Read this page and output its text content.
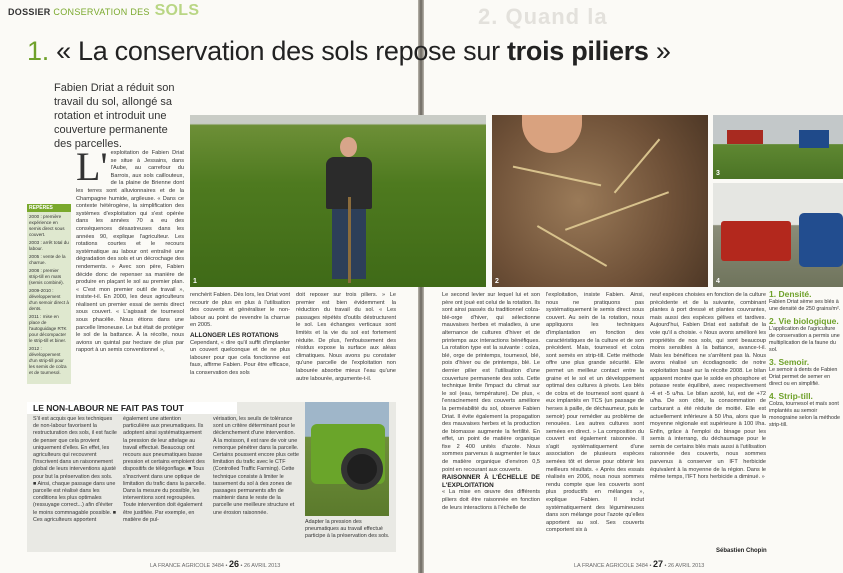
DOSSIER CONSERVATION DES SOLS
Fabien Driat a réduit son travail du sol, allongé sa rotation et introduit une couverture permanente des parcelles.
REPÈRES

2000 : première expérience en semis direct sous couvert.

2003 : arrêt total du labour.

2005 : vente de la charrue.

2008 : premier strip-till en maïs (semis combiné).

2009-2010 : développement d'un semoir direct à dents.

2011 : mise en place de l'autoguidage RTK pour décompacter le strip-till et biner.

2012 : développement d'un strip-till pour les semis de colza et de tournesol.

L' exploitation de Fabien Driat se situe à Jessains, dans l'Aube, au carrefour du Barrois, aux sols caillouteux, de la plaine de Brienne dont les terres sont alluvionnaires et de la Champagne humide, argileuse. « Dans ce contexte hétérogène, la simplification des systèmes d'exploitation qui s'est opérée dans les années 70 a eu des conséquences désastreuses dans les années 90, explique l'agriculteur. Les rotations courtes et le recours systématique au labour ont entraîné une dégradation des sols et un décrochage des rendements. » Avec son père, Fabien décide donc de repenser sa manière de produire en plaçant le sol au premier plan. « C'est mon premier outil de travail », insiste-t-il. En 2000, les deux agriculteurs réalisent un premier essai de semis direct sous couvert. « L'agissait de tournesol sous phacélie. Nous étions dans une parcelle limoneuse. Le but était de protéger le sol de la battance. À la récolte, nous avions un quintal par hectare de plus par rapport à un semis conventionnel »,

renchérit Fabien. Dès lors, les Driat vont recourir de plus en plus à l'utilisation des couverts et généraliser le non-labour au point de revendre la charrue en 2005.

ALLONGER LES ROTATIONS

Cependant, « dire qu'il suffit d'implanter un couvert quelconque et de ne plus labourer pour que cela fonctionne est faux, affirme Fabien. Pour être efficace, la conservation des sols

doit reposer sur trois piliers. » Le premier est bien évidemment la réduction du travail du sol. « Les passages répétés d'outils déstructurent le sol. Les échanges verticaux sont limités et la vie du sol est fortement réduite. De plus, l'enfouissement des résidus expose la surface aux aléas climatiques. Nous avons pu constater qu'une parcelle de l'exploitation non labourée absorbe mieux l'eau qu'une autre labourée, argumente-t-il.

LE NON-LABOUR NE FAIT PAS TOUT
S'il est acquis que les techniques de non-labour favorisent la restructuration des sols, il est facile de penser que cela provient uniquement d'elles. En effet, les agriculteurs qui recouvrent l'inscrivent dans un raisonnement global de leurs interventions ajusté pour but la préservation des sols. ■ Ainsi, chaque passage dans une parcelle est réalisé dans les conditions les plus optimales (ressuyage correct...) afin d'éviter le moins commnagable possible. ■ Ces agriculteurs apportent
également une attention particulière aux pneumatiques. Ils adoptent ainsi systématiquement la pression de leur attelage au travail effectué. Beaucoup ont recours aux pneumatiques basse pression et certains emploient des dispositifs de télégonflage. ■ Tous s'inscrivent dans une optique de limitation du trafic dans la parcelle. Dans la mesure du possible, les interventions sont regroupées. Toute intervention doit également être justifiée. Par exemple, en matière de pul-
vérisation, les seuils de tolérance sont un critère déterminant pour le déclenchement d'une intervention. À la moisson, il est rare de voir une remorque pénétrer dans la parcelle. Certains poussent encore plus cette limitation du trafic avec le CTF (Controlled Traffic Farming). Cette technique consiste à limiter le tassement du sol à des zones de passages permanents afin de maintenir dans le reste de la parcelle une meilleure structure et une érosion raisonnée.
Adapter la pression des pneumatiques au travail effectué participe à la préservation des sols.
LA FRANCE AGRICOLE 3484 • 26 • 26 AVRIL 2013

Le second levier sur lequel lui et son père ont joué est celui de la rotation. Ils sont ainsi passés du traditionnel colza-blé-orge d'hiver, qui sélectionne mauvaises herbes et maladies, à une alternance de cultures d'hiver et de printemps aux interactions bénéfiques. La rotation type est la suivante : colza, blé, orge de printemps, tournesol, blé, pois d'hiver ou de printemps, blé. Le dernier pilier est l'utilisation d'une couverture permanente des sols. Cette technique limite l'impact du climat sur le sol (eau, température). De plus, « l'enracinement des couverts améliore la perméabilité du sol, observe Fabien Driat. Il évite également la propagation des mauvaises herbes et la production de biomasse augmente la fertilité. En effet, un point de matière organique fixe 2 400 unités d'azote. Nous sommes parvenus à augmenter le taux de matière organique d'environ 0,5 point en recourant aux couverts.

RAISONNER À L'ÉCHELLE DE L'EXPLOITATION

« La mise en œuvre des différents piliers doit être raisonnée en fonction de leurs interactions à l'échelle de

l'exploitation, insiste Fabien. Ainsi, nous ne pratiquons pas systématiquement le semis direct sous couvert. Au sein de la rotation, nous appliquons les techniques d'implantation en fonction des caractéristiques de la culture et de son précédent. Mais, tournesol et colza sont semés en strip-till. Cette méthode offre une plus grande sécurité. Elle permet un meilleur contact entre la graine et le sol et un développement optimal des cultures à pivots. Les blés de colza et de tournesol sont quant à eux implantés en TCS (un passage de herses à paille, de déchaumeur, puis le semoir) pour remédier au problème de renouées. Les autres cultures sont semées en direct. » La composition du couvert est également raisonnée. Il s'agit systématiquement d'une association de plusieurs espèces semées tôt et dense pour obtenir les meilleurs résultats. « Après des essais réalisés en 2006, nous nous sommes rendu compte que les couverts sont plus productifs en mélanges », explique Fabien. Il inclut systématiquement des légumineuses dans son mélange pour l'azote qu'elles apportent au sol. Ses couverts comportent six à
neuf espèces choisies en fonction de la culture précédente et de la suivante, combinant plantes à port dressé et plantes couvrantes, mais aussi des espèces gélives et tardives. Aujourd'hui, Fabien Driat est satisfait de la voie qu'il a choisie. « Nous avons amélioré les propriétés de nos sols, qui sont beaucoup moins sensibles à la battance, avance-t-il. Mais les bénéfices ne s'arrêtent pas là. Nous avons réalisé un écodiagnostic de notre exploitation basé sur la récolte 2008. Le bilan apparent montre que le solde en phosphore et potasse reste équilibré, avec respectivement -4 et -5 u/ha. Le bilan azoté, lui, est de +72 u/ha. De son côté, la consommation de carburant a été réduite de moitié. Elle est actuellement inférieure à 50 l/ha, alors que la moyenne régionale est supérieure à 100 l/ha. Enfin, grâce à l'emploi du binage pour les semis à interrang, du déchaumage pour le semis de certains blés mais aussi à l'utilisation raisonnée des couverts, nous sommes parvenus à conserver un IFT herbicide équivalent à la moyenne de la région. Dans le même temps, l'IFT hors herbicide a diminué. »
LA FRANCE AGRICOLE 3484 • 27 • 26 AVRIL 2013
2. Quand la
1. « La conservation des sols repose sur trois piliers »
1	2
3
4
1. Densité.
Fabien Driat sème ses blés à une densité de 250 grains/m².
2. Vie biologique.
L'application de l'agriculture de conservation a permis une multiplication de la faune du sol.
3. Semoir.
Le semoir à dents de Fabien Driat permet de semer en direct ou en simplifié.
4. Strip-till.
Colza, tournesol et maïs sont implantés au semoir monograine selon la méthode strip-till.
Sébastien Chopin
